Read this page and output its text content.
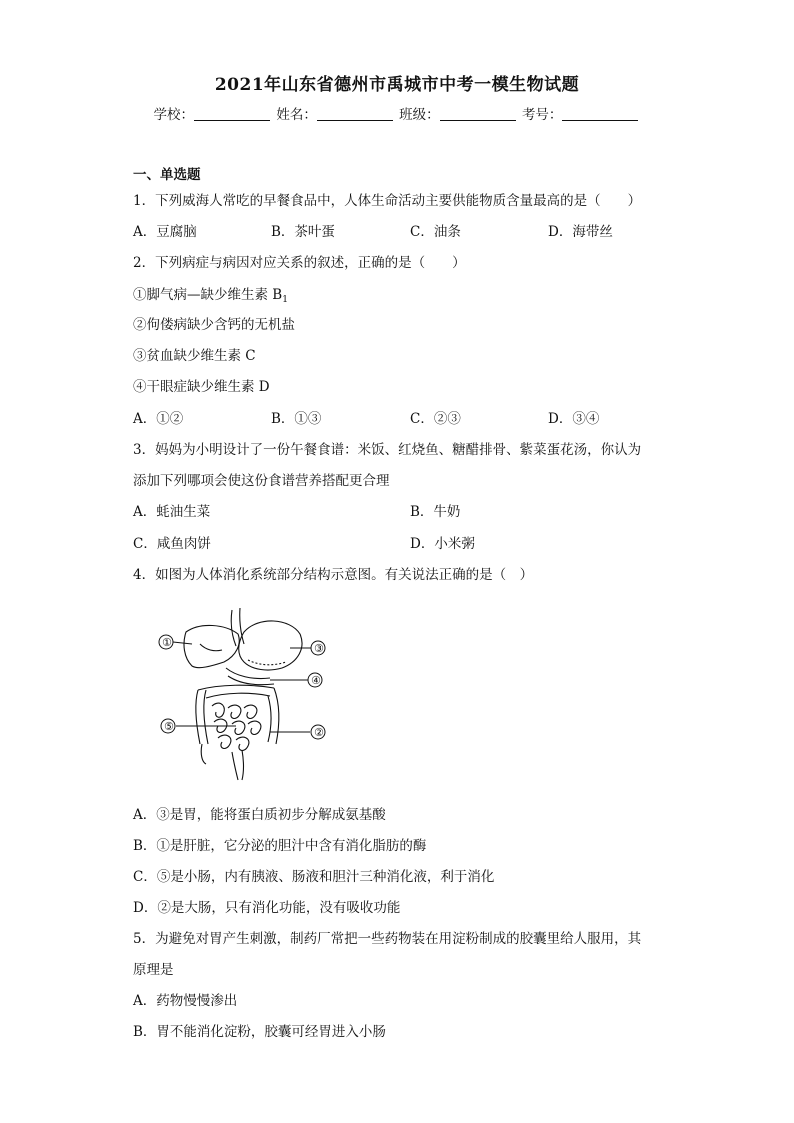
2021年山东省德州市禹城市中考一模生物试题
学校：	姓名：	班级：	考号：
一、单选题
1．下列威海人常吃的早餐食品中，人体生命活动主要供能物质含量最高的是（　　）
A．豆腐脑	B．茶叶蛋	C．油条	D．海带丝
2．下列病症与病因对应关系的叙述，正确的是（　　）
①脚气病—缺少维生素 $B_1$
②佝偻病缺少含钙的无机盐
③贫血缺少维生素 C
④干眼症缺少维生素 D
A．①②	B．①③	C．②③	D．③④
3．妈妈为小明设计了一份午餐食谱：米饭、红烧鱼、糖醋排骨、紫菜蛋花汤，你认为
添加下列哪项会使这份食谱营养搭配更合理
A．蚝油生菜	B．牛奶
C．咸鱼肉饼	D．小米粥
4．如图为人体消化系统部分结构示意图。有关说法正确的是（　）
①
②
③
④
⑤
A．③是胃，能将蛋白质初步分解成氨基酸
B．①是肝脏，它分泌的胆汁中含有消化脂肪的酶
C．⑤是小肠，内有胰液、肠液和胆汁三种消化液，利于消化
D．②是大肠，只有消化功能，没有吸收功能
5．为避免对胃产生刺激，制药厂常把一些药物装在用淀粉制成的胶囊里给人服用，其
原理是
A．药物慢慢渗出
B．胃不能消化淀粉，胶囊可经胃进入小肠
